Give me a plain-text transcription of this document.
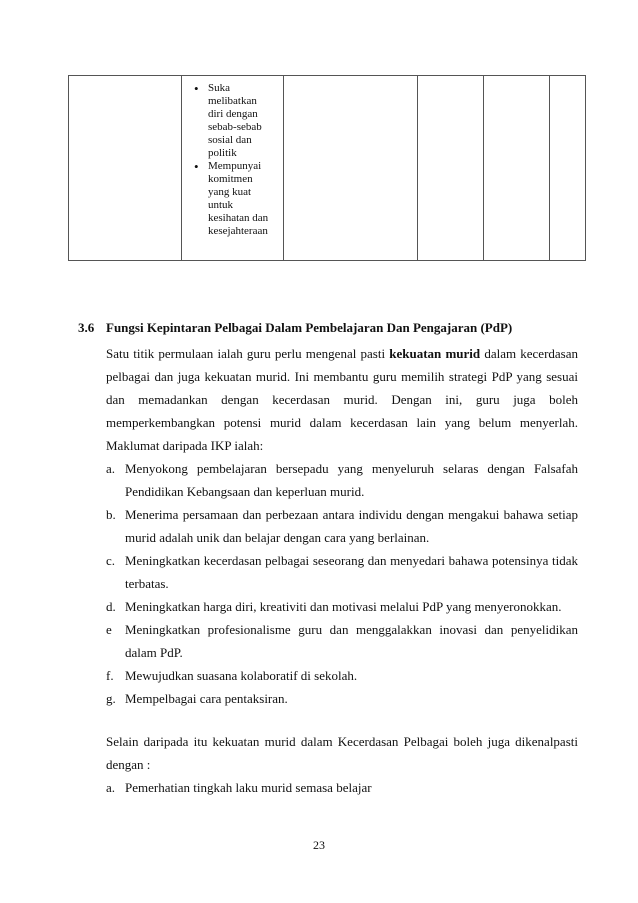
• Suka
melibatkan
diri dengan
sebab-sebab
sosial dan
politik
• Mempunyai
komitmen
yang kuat
untuk
kesihatan dan
kesejahteraan
3.6 Fungsi Kepintaran Pelbagai Dalam Pembelajaran Dan Pengajaran (PdP)
Satu titik permulaan ialah guru perlu mengenal pasti kekuatan murid dalam kecerdasan pelbagai dan juga kekuatan murid. Ini membantu guru memilih strategi PdP yang sesuai dan memadankan dengan kecerdasan murid. Dengan ini, guru juga boleh memperkembangkan potensi murid dalam kecerdasan lain yang belum menyerlah. Maklumat daripada IKP ialah:
a. Menyokong pembelajaran bersepadu yang menyeluruh selaras dengan Falsafah Pendidikan Kebangsaan dan keperluan murid.
b. Menerima persamaan dan perbezaan antara individu dengan mengakui bahawa setiap murid adalah unik dan belajar dengan cara yang berlainan.
c. Meningkatkan kecerdasan pelbagai seseorang dan menyedari bahawa potensinya tidak terbatas.
d. Meningkatkan harga diri, kreativiti dan motivasi melalui PdP yang menyeronokkan.
e	Meningkatkan profesionalisme guru dan menggalakkan inovasi dan penyelidikan dalam PdP.
f. Mewujudkan suasana kolaboratif di sekolah.
g. Mempelbagai cara pentaksiran.
Selain daripada itu kekuatan murid dalam Kecerdasan Pelbagai boleh juga dikenalpasti dengan :
a. Pemerhatian tingkah laku murid semasa belajar
23
